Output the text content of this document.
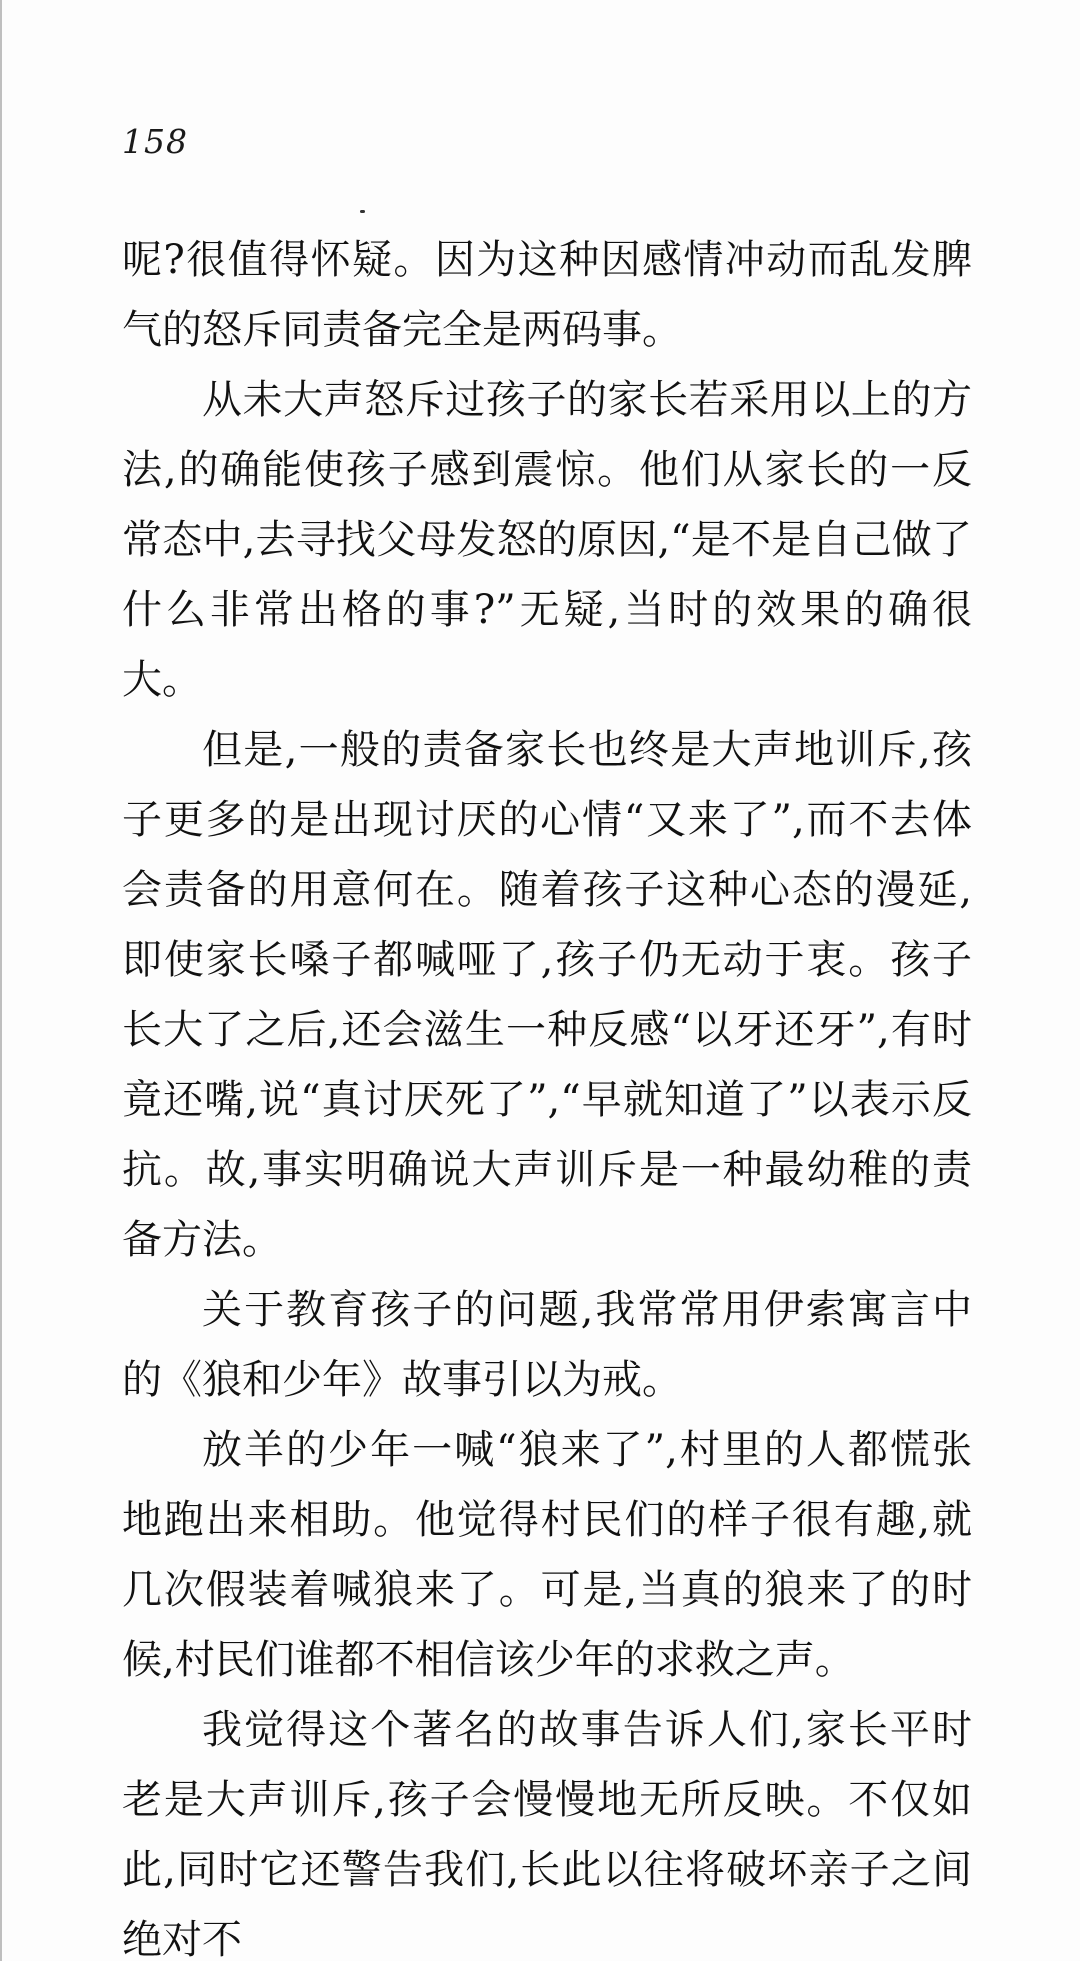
158

呢?很值得怀疑。因为这种因感情冲动而乱发脾气的怒斥同责备完全是两码事。

从未大声怒斥过孩子的家长若采用以上的方法,的确能使孩子感到震惊。他们从家长的一反常态中,去寻找父母发怒的原因,“是不是自己做了什么非常出格的事?”无疑,当时的效果的确很大。

但是,一般的责备家长也终是大声地训斥,孩子更多的是出现讨厌的心情“又来了”,而不去体会责备的用意何在。随着孩子这种心态的漫延,即使家长嗓子都喊哑了,孩子仍无动于衷。孩子长大了之后,还会滋生一种反感“以牙还牙”,有时竟还嘴,说“真讨厌死了”,“早就知道了”以表示反抗。故,事实明确说大声训斥是一种最幼稚的责备方法。

关于教育孩子的问题,我常常用伊索寓言中的《狼和少年》故事引以为戒。

放羊的少年一喊“狼来了”,村里的人都慌张地跑出来相助。他觉得村民们的样子很有趣,就几次假装着喊狼来了。可是,当真的狼来了的时候,村民们谁都不相信该少年的求救之声。

我觉得这个著名的故事告诉人们,家长平时老是大声训斥,孩子会慢慢地无所反映。不仅如此,同时它还警告我们,长此以往将破坏亲子之间绝对不
